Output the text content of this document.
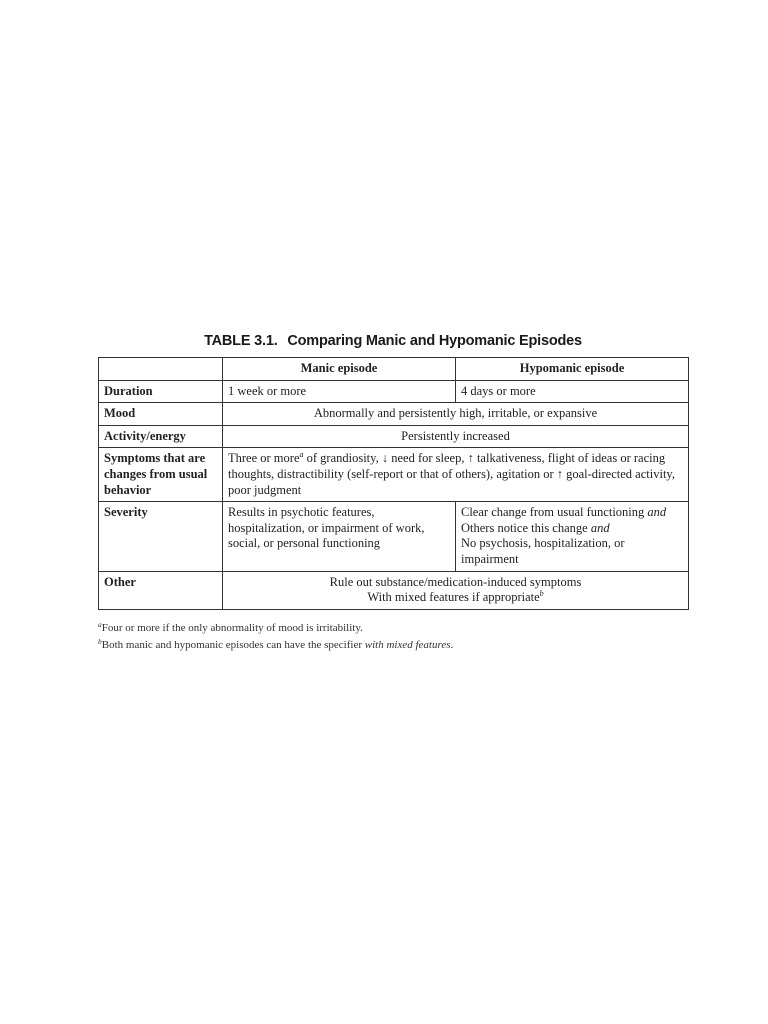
TABLE 3.1. Comparing Manic and Hypomanic Episodes
	Manic episode	Hypomanic episode
Duration	1 week or more	4 days or more
Mood	Abnormally and persistently high, irritable, or expansive	
Activity/energy	Persistently increased	
Symptoms that are changes from usual behavior	Three or more$^a$ of grandiosity, ↓ need for sleep, ↑ talkativeness, flight of ideas or racing thoughts, distractibility (self-report or that of others), agitation or ↑ goal-directed activity, poor judgment	
Severity	Results in psychotic features, hospitalization, or impairment of work, social, or personal functioning	Clear change from usual functioning and
Others notice this change and
No psychosis, hospitalization, or impairment

Other	Rule out substance/medication-induced symptoms
With mixed features if appropriate$^b$
$^a$Four or more if the only abnormality of mood is irritability.
$^b$Both manic and hypomanic episodes can have the specifier with mixed features.
